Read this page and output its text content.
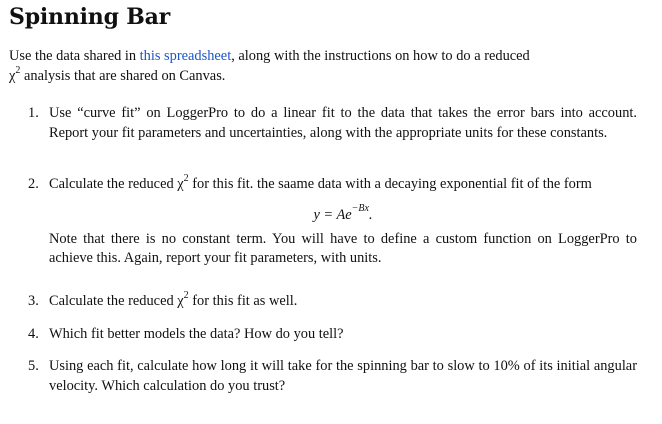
Spinning Bar
Use the data shared in this spreadsheet, along with the instructions on how to do a reduced
$\chi^2$ analysis that are shared on Canvas.
1. Use “curve fit” on LoggerPro to do a linear fit to the data that takes the error bars into account. Report your fit parameters and uncertainties, along with the appropriate units for these constants.
2. Calculate the reduced $\chi^2$ for this fit. the saame data with a decaying exponential fit of the form
$y = Ae^{-Bx}$.
Note that there is no constant term. You will have to define a custom function on LoggerPro to achieve this. Again, report your fit parameters, with units.
3. Calculate the reduced $\chi^2$ for this fit as well.
4. Which fit better models the data? How do you tell?
5. Using each fit, calculate how long it will take for the spinning bar to slow to 10% of its initial angular velocity. Which calculation do you trust?
